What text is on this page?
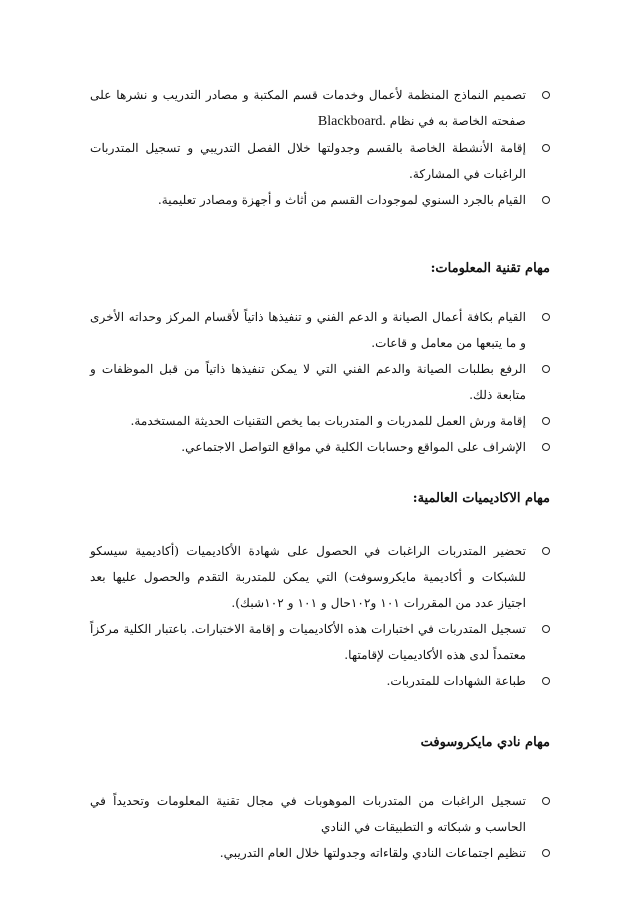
تصميم النماذج المنظمة لأعمال وخدمات قسم المكتبة و مصادر التدريب و نشرها على صفحته الخاصة به في نظام Blackboard.
إقامة الأنشطة الخاصة بالقسم وجدولتها خلال الفصل التدريبي و تسجيل المتدربات الراغبات في المشاركة.
القيام بالجرد السنوي لموجودات القسم من أثاث و أجهزة ومصادر تعليمية.
مهام تقنية المعلومات:
القيام بكافة أعمال الصيانة و الدعم الفني و تنفيذها ذاتياً لأقسام المركز وحداته الأخرى و ما يتبعها من معامل و قاعات.
الرفع بطلبات الصيانة والدعم الفني التي لا يمكن تنفيذها ذاتياً من قبل الموظفات و متابعة ذلك.
إقامة ورش العمل للمدربات و المتدربات بما يخص التقنيات الحديثة المستخدمة.
الإشراف على المواقع وحسابات الكلية في مواقع التواصل الاجتماعي.
مهام الاكاديميات العالمية:
تحضير المتدربات الراغبات في الحصول على شهادة الأكاديميات (أكاديمية سيسكو للشبكات و أكاديمية مايكروسوفت) التي يمكن للمتدربة التقدم والحصول عليها بعد اجتياز عدد من المقررات ١٠١ و١٠٢حال و ١٠١ و ١٠٢شبك).
تسجيل المتدربات في اختبارات هذه الأكاديميات و إقامة الاختبارات. باعتبار الكلية مركزاً معتمداً لدى هذه الأكاديميات لإقامتها.
طباعة الشهادات للمتدربات.
مهام نادي مايكروسوفت
تسجيل الراغبات من المتدربات الموهوبات في مجال تقنية المعلومات وتحديداً في الحاسب و شبكاته و التطبيقات في النادي
تنظيم اجتماعات النادي ولقاءاته وجدولتها خلال العام التدريبي.
